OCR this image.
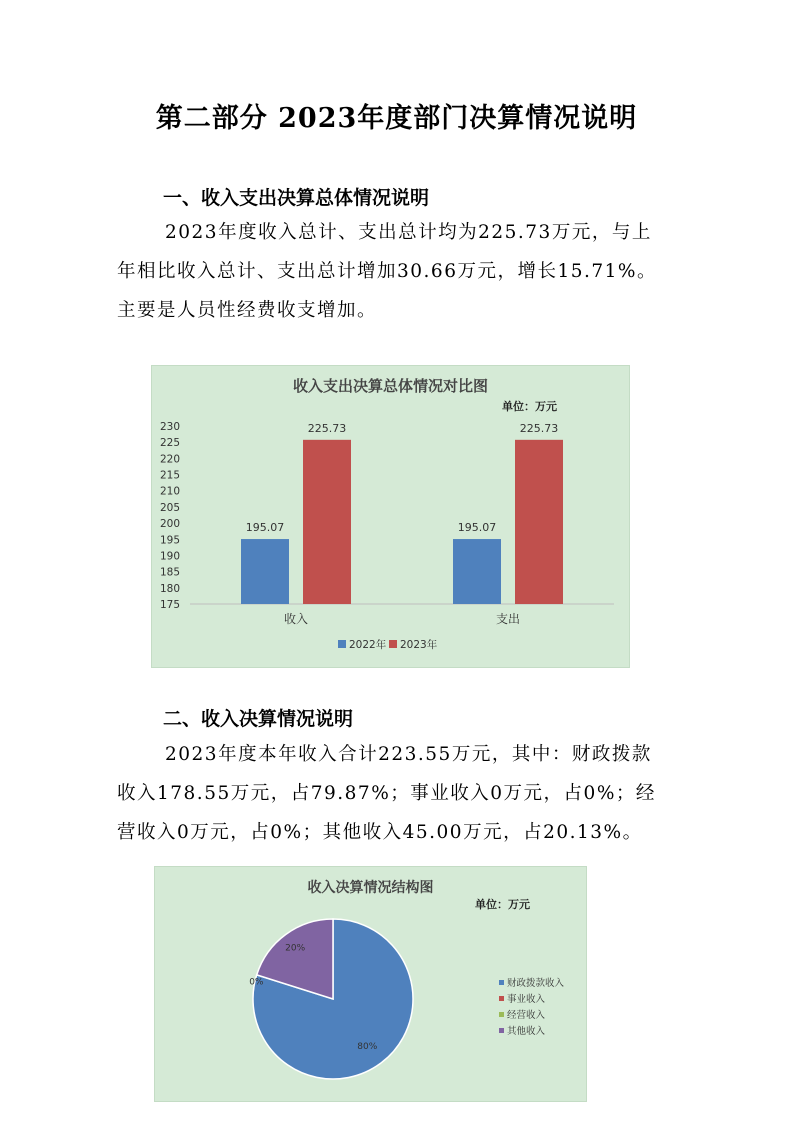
第二部分 2023年度部门决算情况说明
一、收入支出决算总体情况说明
2023年度收入总计、支出总计均为225.73万元，与上
年相比收入总计、支出总计增加30.66万元，增长15.71%。
主要是人员性经费收支增加。
收入支出决算总体情况对比图
单位：万元
175
180
185
190
195
200
205
210
215
220
225
230
195.07
225.73
收入
195.07
225.73
支出
2022年 2023年
二、收入决算情况说明
2023年度本年收入合计223.55万元，其中：财政拨款
收入178.55万元，占79.87%；事业收入0万元，占0%；经
营收入0万元，占0%；其他收入45.00万元，占20.13%。
收入决算情况结构图
单位：万元
80%
0%
20%
财政拨款收入
事业收入
经营收入
其他收入
